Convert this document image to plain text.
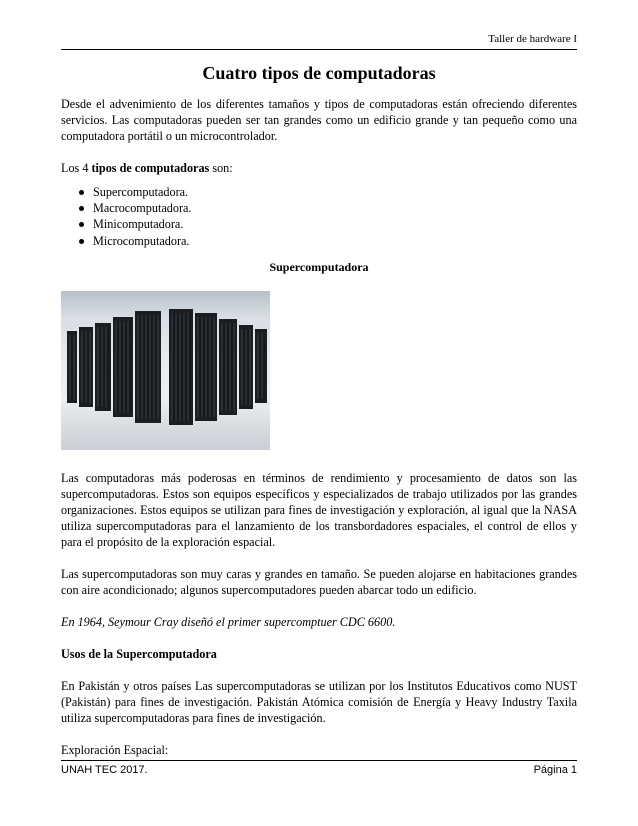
Taller de hardware I
Cuatro tipos de computadoras

Desde el advenimiento de los diferentes tamaños y tipos de computadoras están ofreciendo diferentes servicios. Las computadoras pueden ser tan grandes como un edificio grande y tan pequeño como una computadora portátil o un microcontrolador.

Los 4 tipos de computadoras son:

Supercomputadora.
Macrocomputadora.
Minicomputadora.
Microcomputadora.
Supercomputadora

Las computadoras más poderosas en términos de rendimiento y procesamiento de datos son las supercomputadoras. Estos son equipos específicos y especializados de trabajo utilizados por las grandes organizaciones. Estos equipos se utilizan para fines de investigación y exploración, al igual que la NASA utiliza supercomputadoras para el lanzamiento de los transbordadores espaciales, el control de ellos y para el propósito de la exploración espacial.

Las supercomputadoras son muy caras y grandes en tamaño. Se pueden alojarse en habitaciones grandes con aire acondicionado; algunos supercomputadores pueden abarcar todo un edificio.

En 1964, Seymour Cray diseñó el primer supercomptuer CDC 6600.

Usos de la Supercomputadora

En Pakistán y otros países Las supercomputadoras se utilizan por los Institutos Educativos como NUST (Pakistán) para fines de investigación. Pakistán Atómica comisión de Energía y Heavy Industry Taxila utiliza supercomputadoras para fines de investigación.

Exploración Espacial:

UNAH TEC 2017.	Página 1
